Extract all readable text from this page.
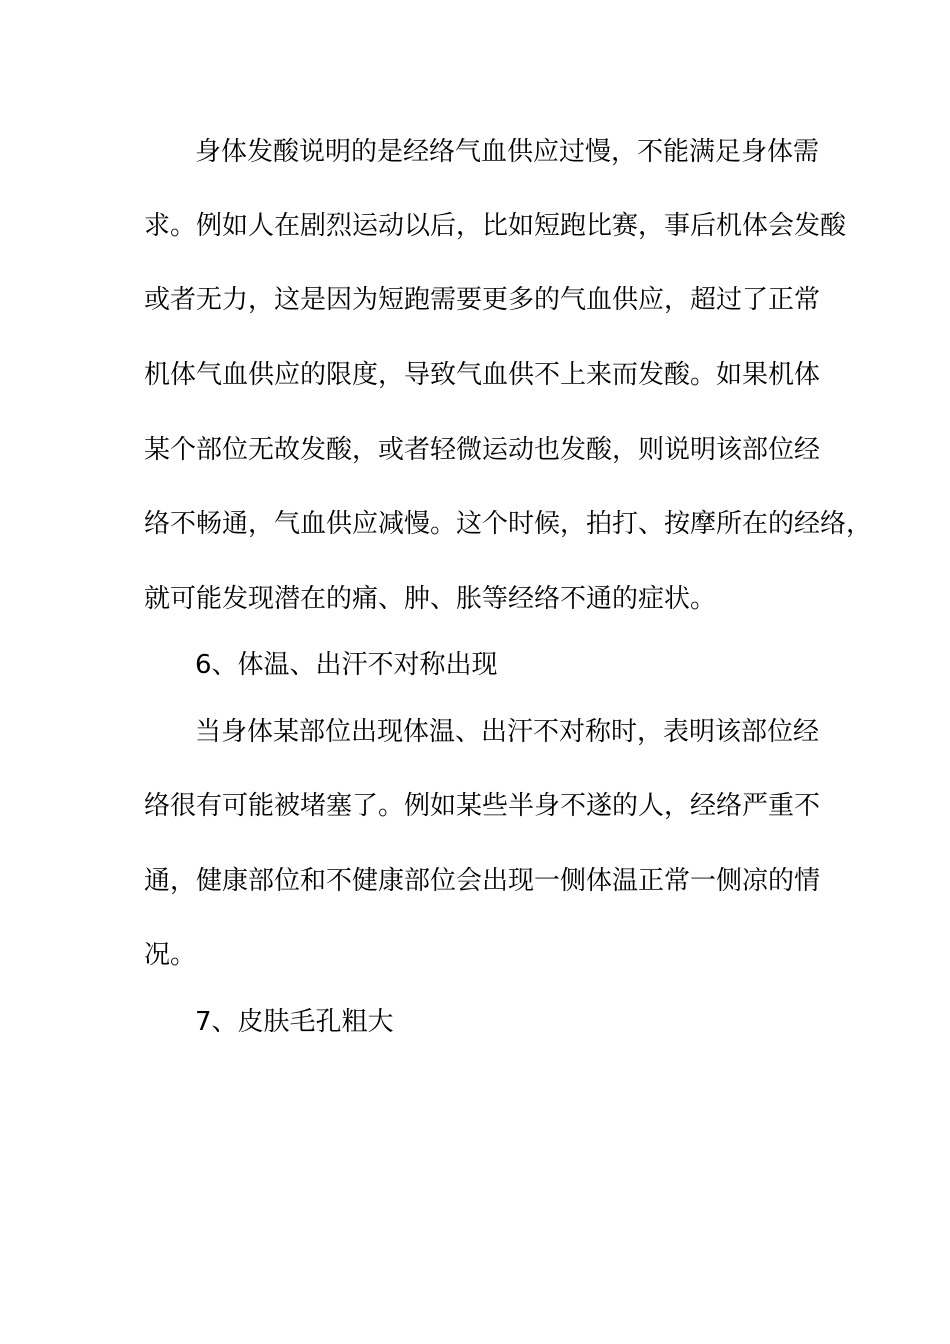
身体发酸说明的是经络气血供应过慢，不能满足身体需
求。例如人在剧烈运动以后，比如短跑比赛，事后机体会发酸
或者无力，这是因为短跑需要更多的气血供应，超过了正常
机体气血供应的限度，导致气血供不上来而发酸。如果机体
某个部位无故发酸，或者轻微运动也发酸，则说明该部位经
络不畅通，气血供应减慢。这个时候，拍打、按摩所在的经络，
就可能发现潜在的痛、肿、胀等经络不通的症状。
6、体温、出汗不对称出现
当身体某部位出现体温、出汗不对称时，表明该部位经
络很有可能被堵塞了。例如某些半身不遂的人，经络严重不
通，健康部位和不健康部位会出现一侧体温正常一侧凉的情
况。
7、皮肤毛孔粗大
